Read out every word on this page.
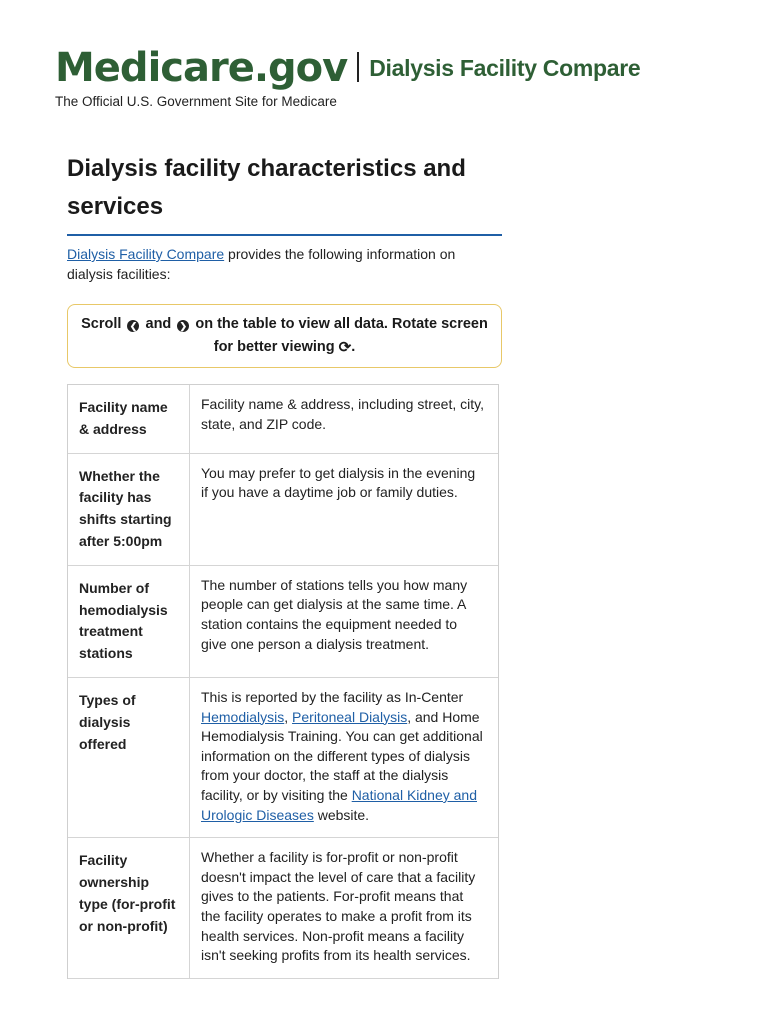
Medicare.gov Dialysis Facility Compare
The Official U.S. Government Site for Medicare
Dialysis facility characteristics and services

Dialysis Facility Compare provides the following information on dialysis facilities:

Scroll ❮ and ❯ on the table to view all data. Rotate screen for better viewing ⟳.
Facility name & address	Facility name & address, including street, city, state, and ZIP code.
Whether the facility has shifts starting after 5:00pm	You may prefer to get dialysis in the evening if you have a daytime job or family duties.
Number of hemodialysis treatment stations	The number of stations tells you how many people can get dialysis at the same time. A station contains the equipment needed to give one person a dialysis treatment.
Types of dialysis offered	This is reported by the facility as In-Center Hemodialysis, Peritoneal Dialysis, and Home Hemodialysis Training. You can get additional information on the different types of dialysis from your doctor, the staff at the dialysis facility, or by visiting the National Kidney and Urologic Diseases website.
Facility ownership type (for-profit or non-profit)	Whether a facility is for-profit or non-profit doesn't impact the level of care that a facility gives to the patients. For-profit means that the facility operates to make a profit from its health services. Non-profit means a facility isn't seeking profits from its health services.
